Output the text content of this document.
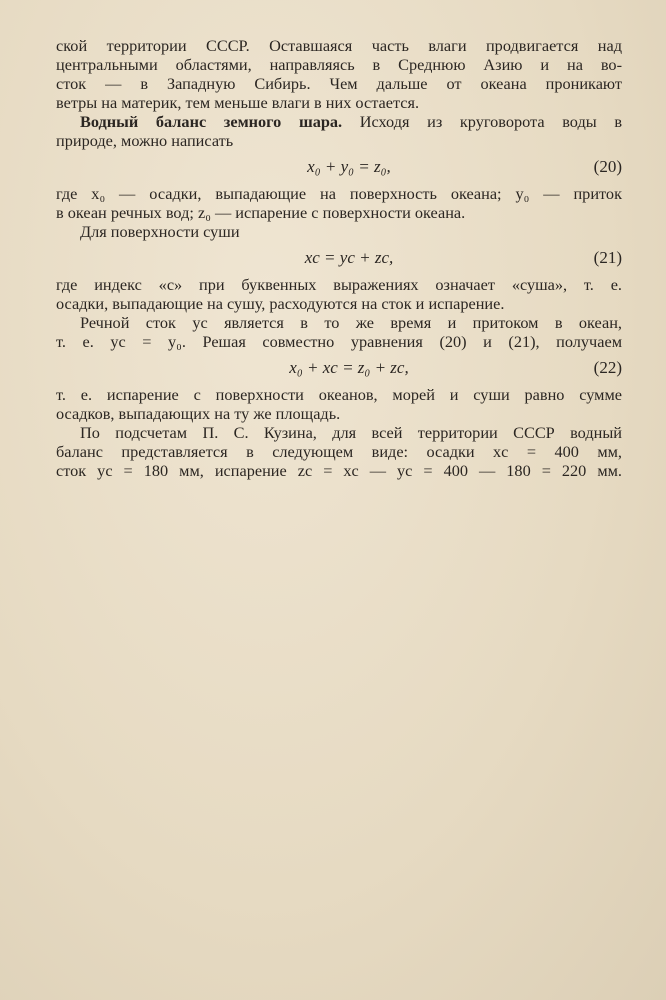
ской территории СССР. Оставшаяся часть влаги продвигается над

центральными областями, направляясь в Среднюю Азию и на во-

сток — в Западную Сибирь. Чем дальше от океана проникают

ветры на материк, тем меньше влаги в них остается.

Водный баланс земного шара. Исходя из круговорота воды в

природе, можно написать

x₀ + y₀ = z₀,	(20)

где x₀ — осадки, выпадающие на поверхность океана; y₀ — приток

в океан речных вод; z₀ — испарение с поверхности океана.

Для поверхности суши

xс = yс + zс,	(21)

где индекс «с» при буквенных выражениях означает «суша», т. е.

осадки, выпадающие на сушу, расходуются на сток и испарение.

Речной сток yс является в то же время и притоком в океан,

т. е. yс = y₀. Решая совместно уравнения (20) и (21), получаем

x₀ + xс = z₀ + zс,	(22)

т. е. испарение с поверхности океанов, морей и суши равно сумме

осадков, выпадающих на ту же площадь.

По подсчетам П. С. Кузина, для всей территории СССР водный

баланс представляется в следующем виде: осадки xс = 400 мм,

сток yс = 180 мм, испарение zс = xс — yс = 400 — 180 = 220 мм.
